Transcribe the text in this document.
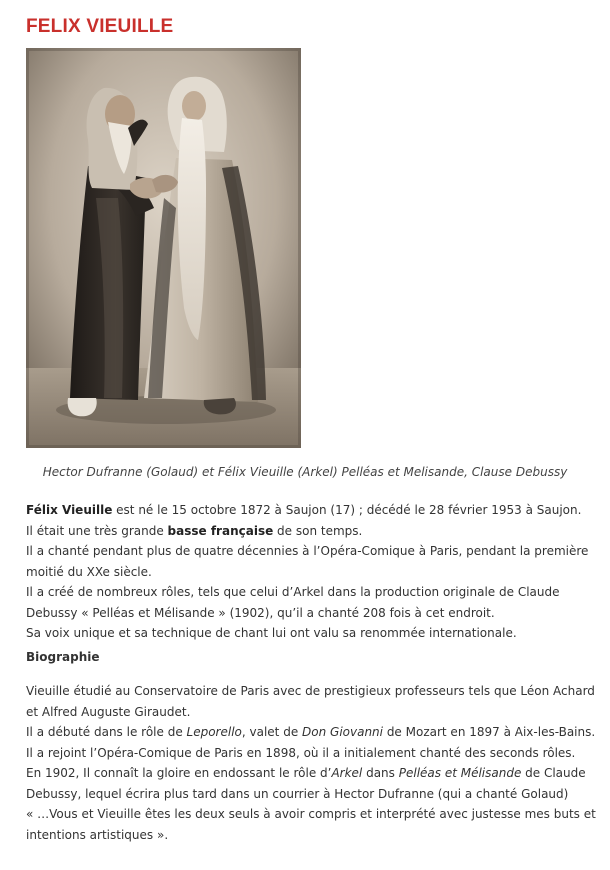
FELIX VIEUILLE

Hector Dufranne (Golaud) et Félix Vieuille (Arkel) Pelléas et Melisande, Clause Debussy

Félix Vieuille est né le 15 octobre 1872 à Saujon (17) ; décédé le 28 février 1953 à Saujon.

Il était une très grande basse française de son temps.

Il a chanté pendant plus de quatre décennies à l’Opéra-Comique à Paris, pendant la première moitié du XXe siècle.

Il a créé de nombreux rôles, tels que celui d’Arkel dans la production originale de Claude Debussy « Pelléas et Mélisande » (1902), qu’il a chanté 208 fois à cet endroit.

Sa voix unique et sa technique de chant lui ont valu sa renommée internationale.

Biographie

Vieuille étudié au Conservatoire de Paris avec de prestigieux professeurs tels que Léon Achard et Alfred Auguste Giraudet.

Il a débuté dans le rôle de Leporello, valet de Don Giovanni de Mozart en 1897 à Aix-les-Bains.

Il a rejoint l’Opéra-Comique de Paris en 1898, où il a initialement chanté des seconds rôles.

En 1902, Il connaît la gloire en endossant le rôle d’Arkel dans Pelléas et Mélisande de Claude Debussy, lequel écrira plus tard dans un courrier à Hector Dufranne (qui a chanté Golaud)

« …Vous et Vieuille êtes les deux seuls à avoir compris et interprété avec justesse mes buts et intentions artistiques ».
